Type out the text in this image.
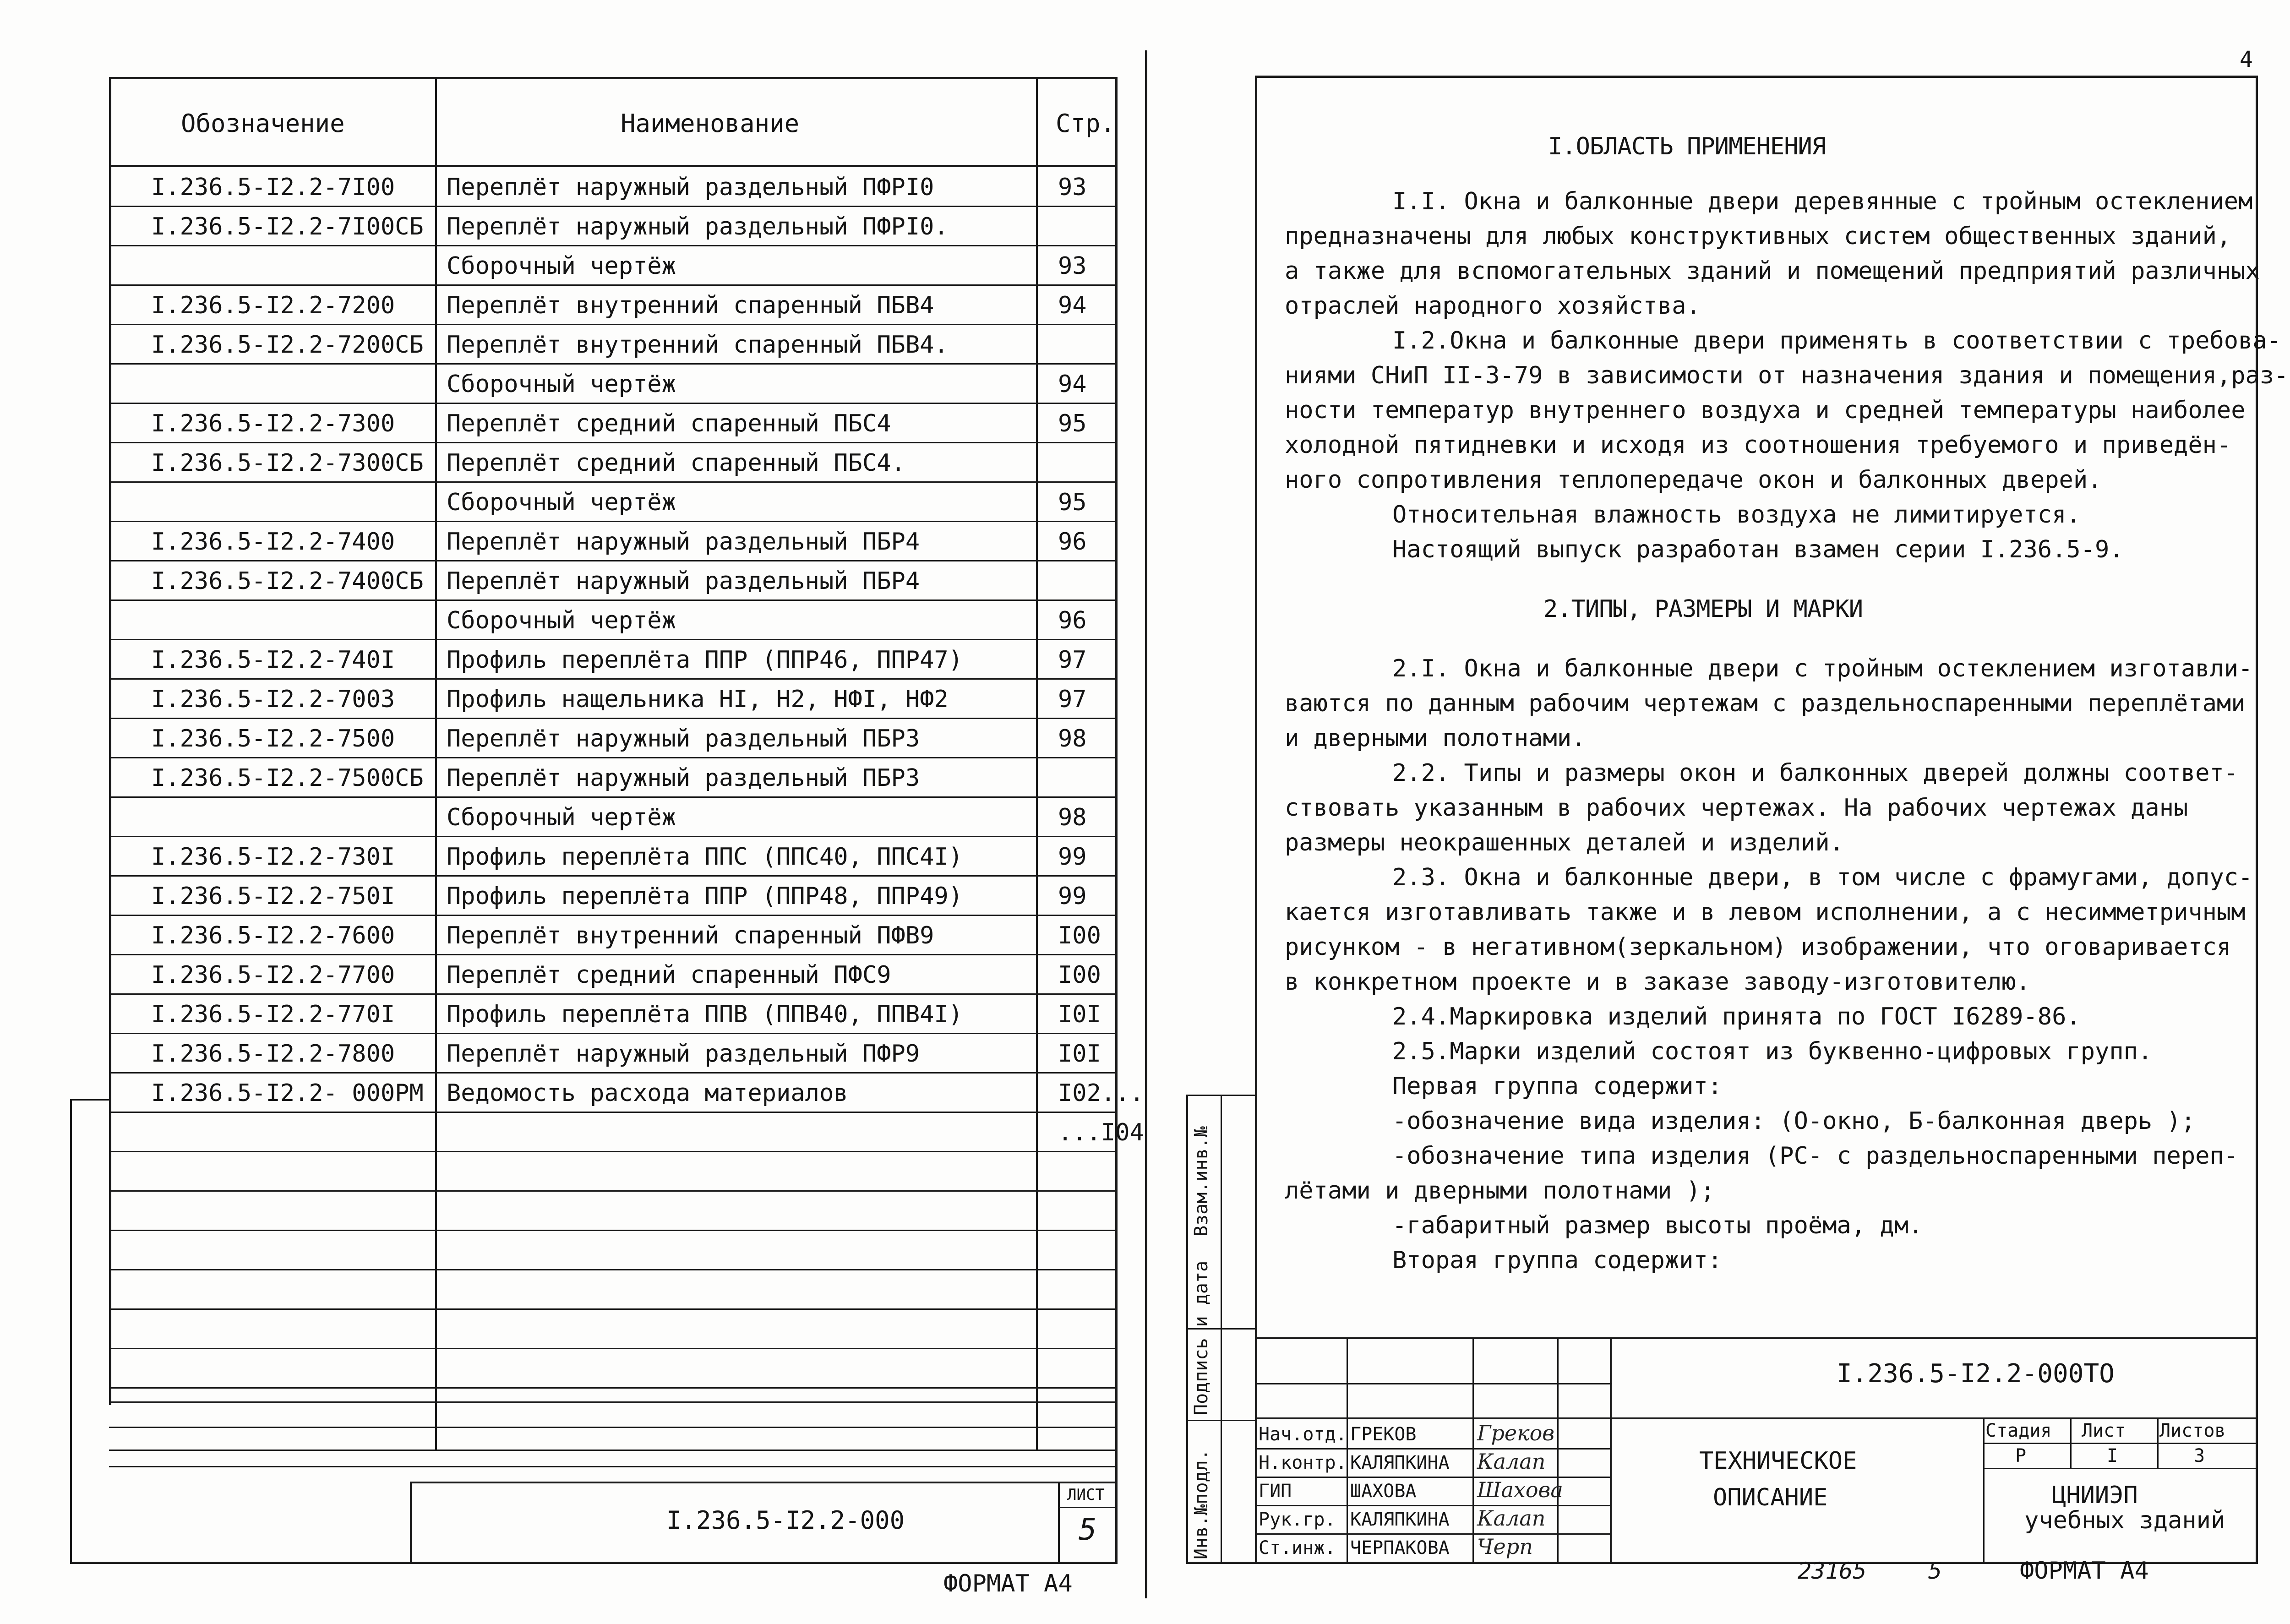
Обозначение	Наименование	Стр.
I.236.5-I2.2-7I00 Переплёт наружный раздельный ПФРI0	93
I.236.5-I2.2-7I00СБ Переплёт наружный раздельный ПФРI0.
Сборочный чертёж	93
I.236.5-I2.2-7200 Переплёт внутренний спаренный ПБВ4	94
I.236.5-I2.2-7200СБ Переплёт внутренний спаренный ПБВ4.
Сборочный чертёж	94
I.236.5-I2.2-7300 Переплёт средний спаренный ПБС4	95
I.236.5-I2.2-7300СБ Переплёт средний спаренный ПБС4.
Сборочный чертёж	95
I.236.5-I2.2-7400 Переплёт наружный раздельный ПБР4	96
I.236.5-I2.2-7400СБ Переплёт наружный раздельный ПБР4
Сборочный чертёж	96
I.236.5-I2.2-740I Профиль переплёта ППР (ППР46, ППР47)	97
I.236.5-I2.2-7003 Профиль нащельника НI, Н2, НФI, НФ2	97
I.236.5-I2.2-7500 Переплёт наружный раздельный ПБР3	98
I.236.5-I2.2-7500СБ Переплёт наружный раздельный ПБР3
Сборочный чертёж	98
I.236.5-I2.2-730I Профиль переплёта ППС (ППС40, ППС4I)	99
I.236.5-I2.2-750I Профиль переплёта ППР (ППР48, ППР49)	99
I.236.5-I2.2-7600 Переплёт внутренний спаренный ПФВ9	I00
I.236.5-I2.2-7700 Переплёт средний спаренный ПФС9	I00
I.236.5-I2.2-770I Профиль переплёта ППВ (ППВ40, ППВ4I)	I0I
I.236.5-I2.2-7800 Переплёт наружный раздельный ПФР9	I0I
I.236.5-I2.2- 000РМ Ведомость расхода материалов	I02...
...I04
I.236.5-I2.2-000
ЛИСТ
5
ФОРМАТ А4
4
Инв.№подл.
Подпись и дата
Взам.инв.№
I.ОБЛАСТЬ ПРИМЕНЕНИЯ
I.I. Окна и балконные двери деревянные с тройным остеклением
предназначены для любых конструктивных систем общественных зданий,
а также для вспомогательных зданий и помещений предприятий различных
отраслей народного хозяйства.
I.2.Окна и балконные двери применять в соответствии с требова-
ниями СНиП II-3-79 в зависимости от назначения здания и помещения,раз-
ности температур внутреннего воздуха и средней температуры наиболее
холодной пятидневки и исходя из соотношения требуемого и приведён-
ного сопротивления теплопередаче окон и балконных дверей.
Относительная влажность воздуха не лимитируется.
Настоящий выпуск разработан взамен серии I.236.5-9.
2.ТИПЫ, РАЗМЕРЫ И МАРКИ
2.I. Окна и балконные двери с тройным остеклением изготавли-
ваются по данным рабочим чертежам с раздельноспаренными переплётами
и дверными полотнами.
2.2. Типы и размеры окон и балконных дверей должны соответ-
ствовать указанным в рабочих чертежах. На рабочих чертежах даны
размеры неокрашенных деталей и изделий.
2.3. Окна и балконные двери, в том числе с фрамугами, допус-
кается изготавливать также и в левом исполнении, а с несимметричным
рисунком - в негативном(зеркальном) изображении, что оговаривается
в конкретном проекте и в заказе заводу-изготовителю.
2.4.Маркировка изделий принята по ГОСТ I6289-86.
2.5.Марки изделий состоят из буквенно-цифровых групп.
Первая группа содержит:
-обозначение вида изделия: (О-окно, Б-балконная дверь );
-обозначение типа изделия (РС- с раздельноспаренными переп-
лётами и дверными полотнами );
-габаритный размер высоты проёма, дм.
Вторая группа содержит:
I.236.5-I2.2-000ТО
ТЕХНИЧЕСКОЕ
ОПИСАНИЕ
Стадия Лист Листов
Р	I	3
ЦНИИЭП
учебных зданий
Нач.отд. ГРЕКОВ	Греков
Н.контр. КАЛЯПКИНА Калап
ГИП	ШАХОВА	Шахова
Рук.гр. КАЛЯПКИНА Калап
Ст.инж. ЧЕРПАКОВА Черп
23165	5	ФОРМАТ А4
